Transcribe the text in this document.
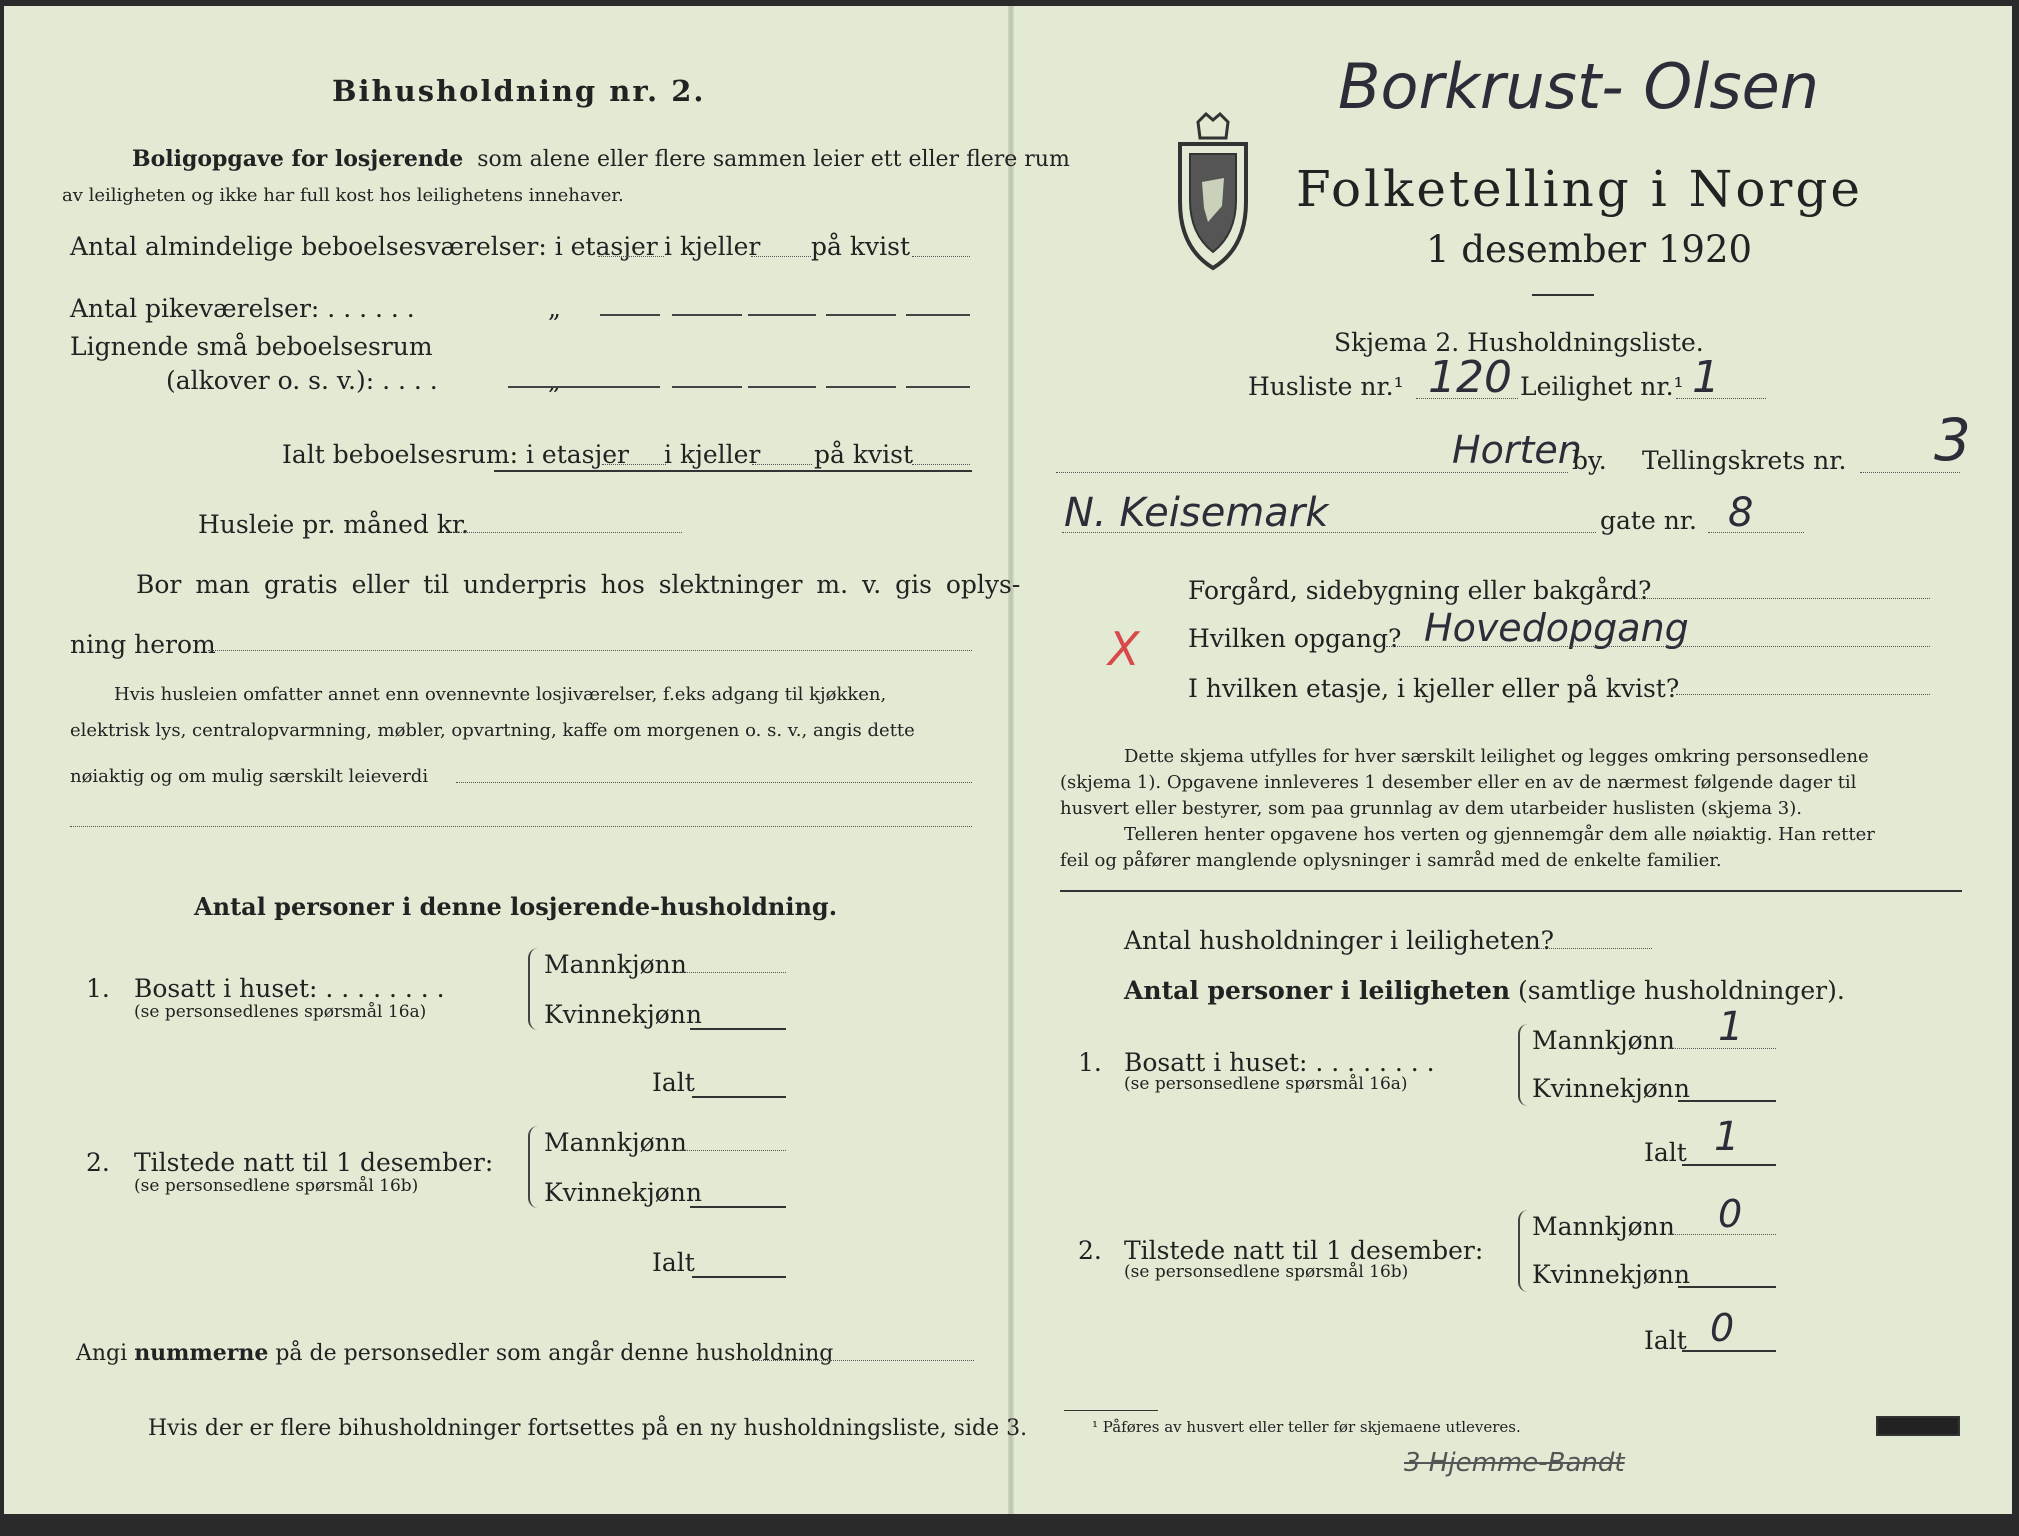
Bihusholdning nr. 2.
Boligopgave for losjerende som alene eller flere sammen leier ett eller flere rum
av leiligheten og ikke har full kost hos leilighetens innehaver.
Antal almindelige beboelsesværelser: i etasjer i kjeller på kvist
Antal pikeværelser: . . . . . .	„
Lignende små beboelsesrum
(alkover o. s. v.): . . . .	„
Ialt beboelsesrum: i etasjer i kjeller på kvist
Husleie pr. måned kr.
Bor man gratis eller til underpris hos slektninger m. v. gis oplys-
ning herom
Hvis husleien omfatter annet enn ovennevnte losjiværelser, f.eks adgang til kjøkken,
elektrisk lys, centralopvarmning, møbler, opvartning, kaffe om morgenen o. s. v., angis dette
nøiaktig og om mulig særskilt leieverdi
Antal personer i denne losjerende-husholdning.
1. Bosatt i huset: . . . . . . . .
(se personsedlenes spørsmål 16a)
Mannkjønn
Kvinnekjønn
Ialt
2. Tilstede natt til 1 desember:
(se personsedlene spørsmål 16b)
Mannkjønn
Kvinnekjønn
Ialt
Angi nummerne på de personsedler som angår denne husholdning
Hvis der er flere bihusholdninger fortsettes på en ny husholdningsliste, side 3.
Borkrust- Olsen
Folketelling i Norge
1 desember 1920
Skjema 2. Husholdningsliste.
Husliste nr.¹ 120 Leilighet nr.¹ 1
3
Horten
by. Tellingskrets nr.
N. Keisemark	gate nr. 8
Forgård, sidebygning eller bakgård?
X Hvilken opgang? Hovedopgang
I hvilken etasje, i kjeller eller på kvist?
Dette skjema utfylles for hver særskilt leilighet og legges omkring personsedlene
(skjema 1). Opgavene innleveres 1 desember eller en av de nærmest følgende dager til
husvert eller bestyrer, som paa grunnlag av dem utarbeider huslisten (skjema 3).
Telleren henter opgavene hos verten og gjennemgår dem alle nøiaktig. Han retter
feil og påfører manglende oplysninger i samråd med de enkelte familier.
Antal husholdninger i leiligheten?
Antal personer i leiligheten (samtlige husholdninger).
1. Bosatt i huset: . . . . . . . .
(se personsedlene spørsmål 16a)
Mannkjønn 1
Kvinnekjønn
Ialt 1
2. Tilstede natt til 1 desember:
(se personsedlene spørsmål 16b)
Mannkjønn 0
Kvinnekjønn
Ialt 0
¹ Påføres av husvert eller teller før skjemaene utleveres.
3 Hjemme-Bandt
